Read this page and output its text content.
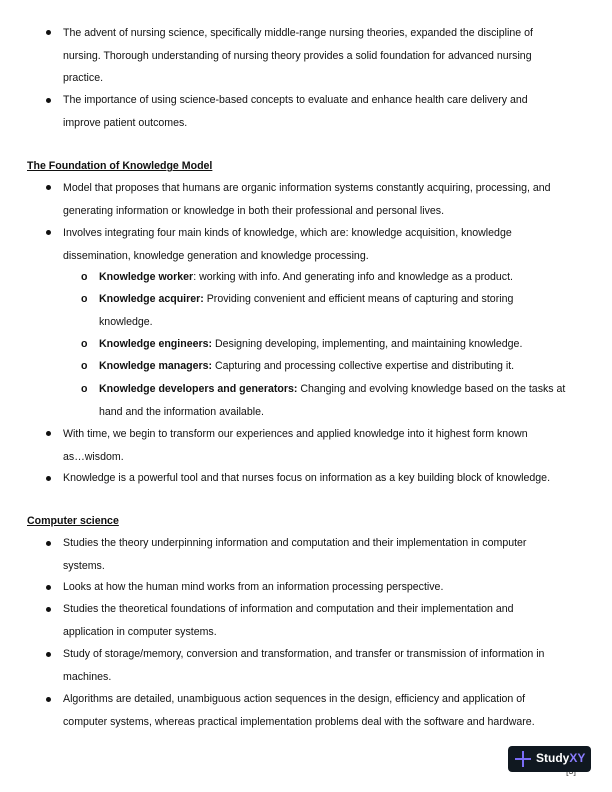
The advent of nursing science, specifically middle-range nursing theories, expanded the discipline of
nursing. Thorough understanding of nursing theory provides a solid foundation for advanced nursing
practice.
The importance of using science-based concepts to evaluate and enhance health care delivery and
improve patient outcomes.
The Foundation of Knowledge Model
Model that proposes that humans are organic information systems constantly acquiring, processing, and
generating information or knowledge in both their professional and personal lives.
Involves integrating four main kinds of knowledge, which are: knowledge acquisition, knowledge
dissemination, knowledge generation and knowledge processing.
o Knowledge worker: working with info. And generating info and knowledge as a product.
o Knowledge acquirer: Providing convenient and efficient means of capturing and storing
knowledge.
o Knowledge engineers: Designing developing, implementing, and maintaining knowledge.
o Knowledge managers: Capturing and processing collective expertise and distributing it.
o Knowledge developers and generators: Changing and evolving knowledge based on the tasks at
hand and the information available.
With time, we begin to transform our experiences and applied knowledge into it highest form known
as…wisdom.
Knowledge is a powerful tool and that nurses focus on information as a key building block of knowledge.
Computer science
Studies the theory underpinning information and computation and their implementation in computer
systems.
Looks at how the human mind works from an information processing perspective.
Studies the theoretical foundations of information and computation and their implementation and
application in computer systems.
Study of storage/memory, conversion and transformation, and transfer or transmission of information in
machines.
Algorithms are detailed, unambiguous action sequences in the design, efficiency and application of
computer systems, whereas practical implementation problems deal with the software and hardware.
StudyXY
